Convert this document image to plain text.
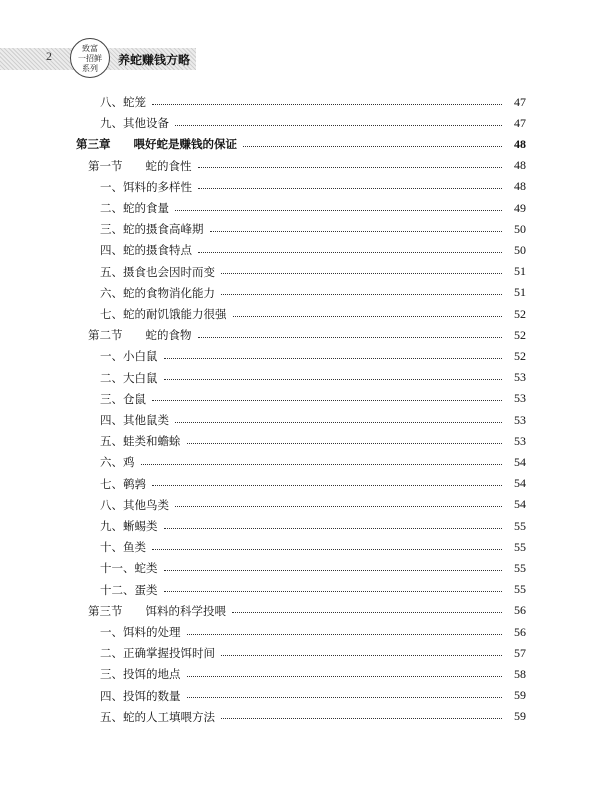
2
致富
一招鲜
系列
养蛇赚钱方略
八、蛇笼	47
九、其他设备	47
第三章　　喂好蛇是赚钱的保证	48
第一节　　蛇的食性	48
一、饵料的多样性	48
二、蛇的食量	49
三、蛇的摄食高峰期	50
四、蛇的摄食特点	50
五、摄食也会因时而变	51
六、蛇的食物消化能力	51
七、蛇的耐饥饿能力很强	52
第二节　　蛇的食物	52
一、小白鼠	52
二、大白鼠	53
三、仓鼠	53
四、其他鼠类	53
五、蛙类和蟾蜍	53
六、鸡	54
七、鹌鹑	54
八、其他鸟类	54
九、蜥蜴类	55
十、鱼类	55
十一、蛇类	55
十二、蛋类	55
第三节　　饵料的科学投喂	56
一、饵料的处理	56
二、正确掌握投饵时间	57
三、投饵的地点	58
四、投饵的数量	59
五、蛇的人工填喂方法	59
